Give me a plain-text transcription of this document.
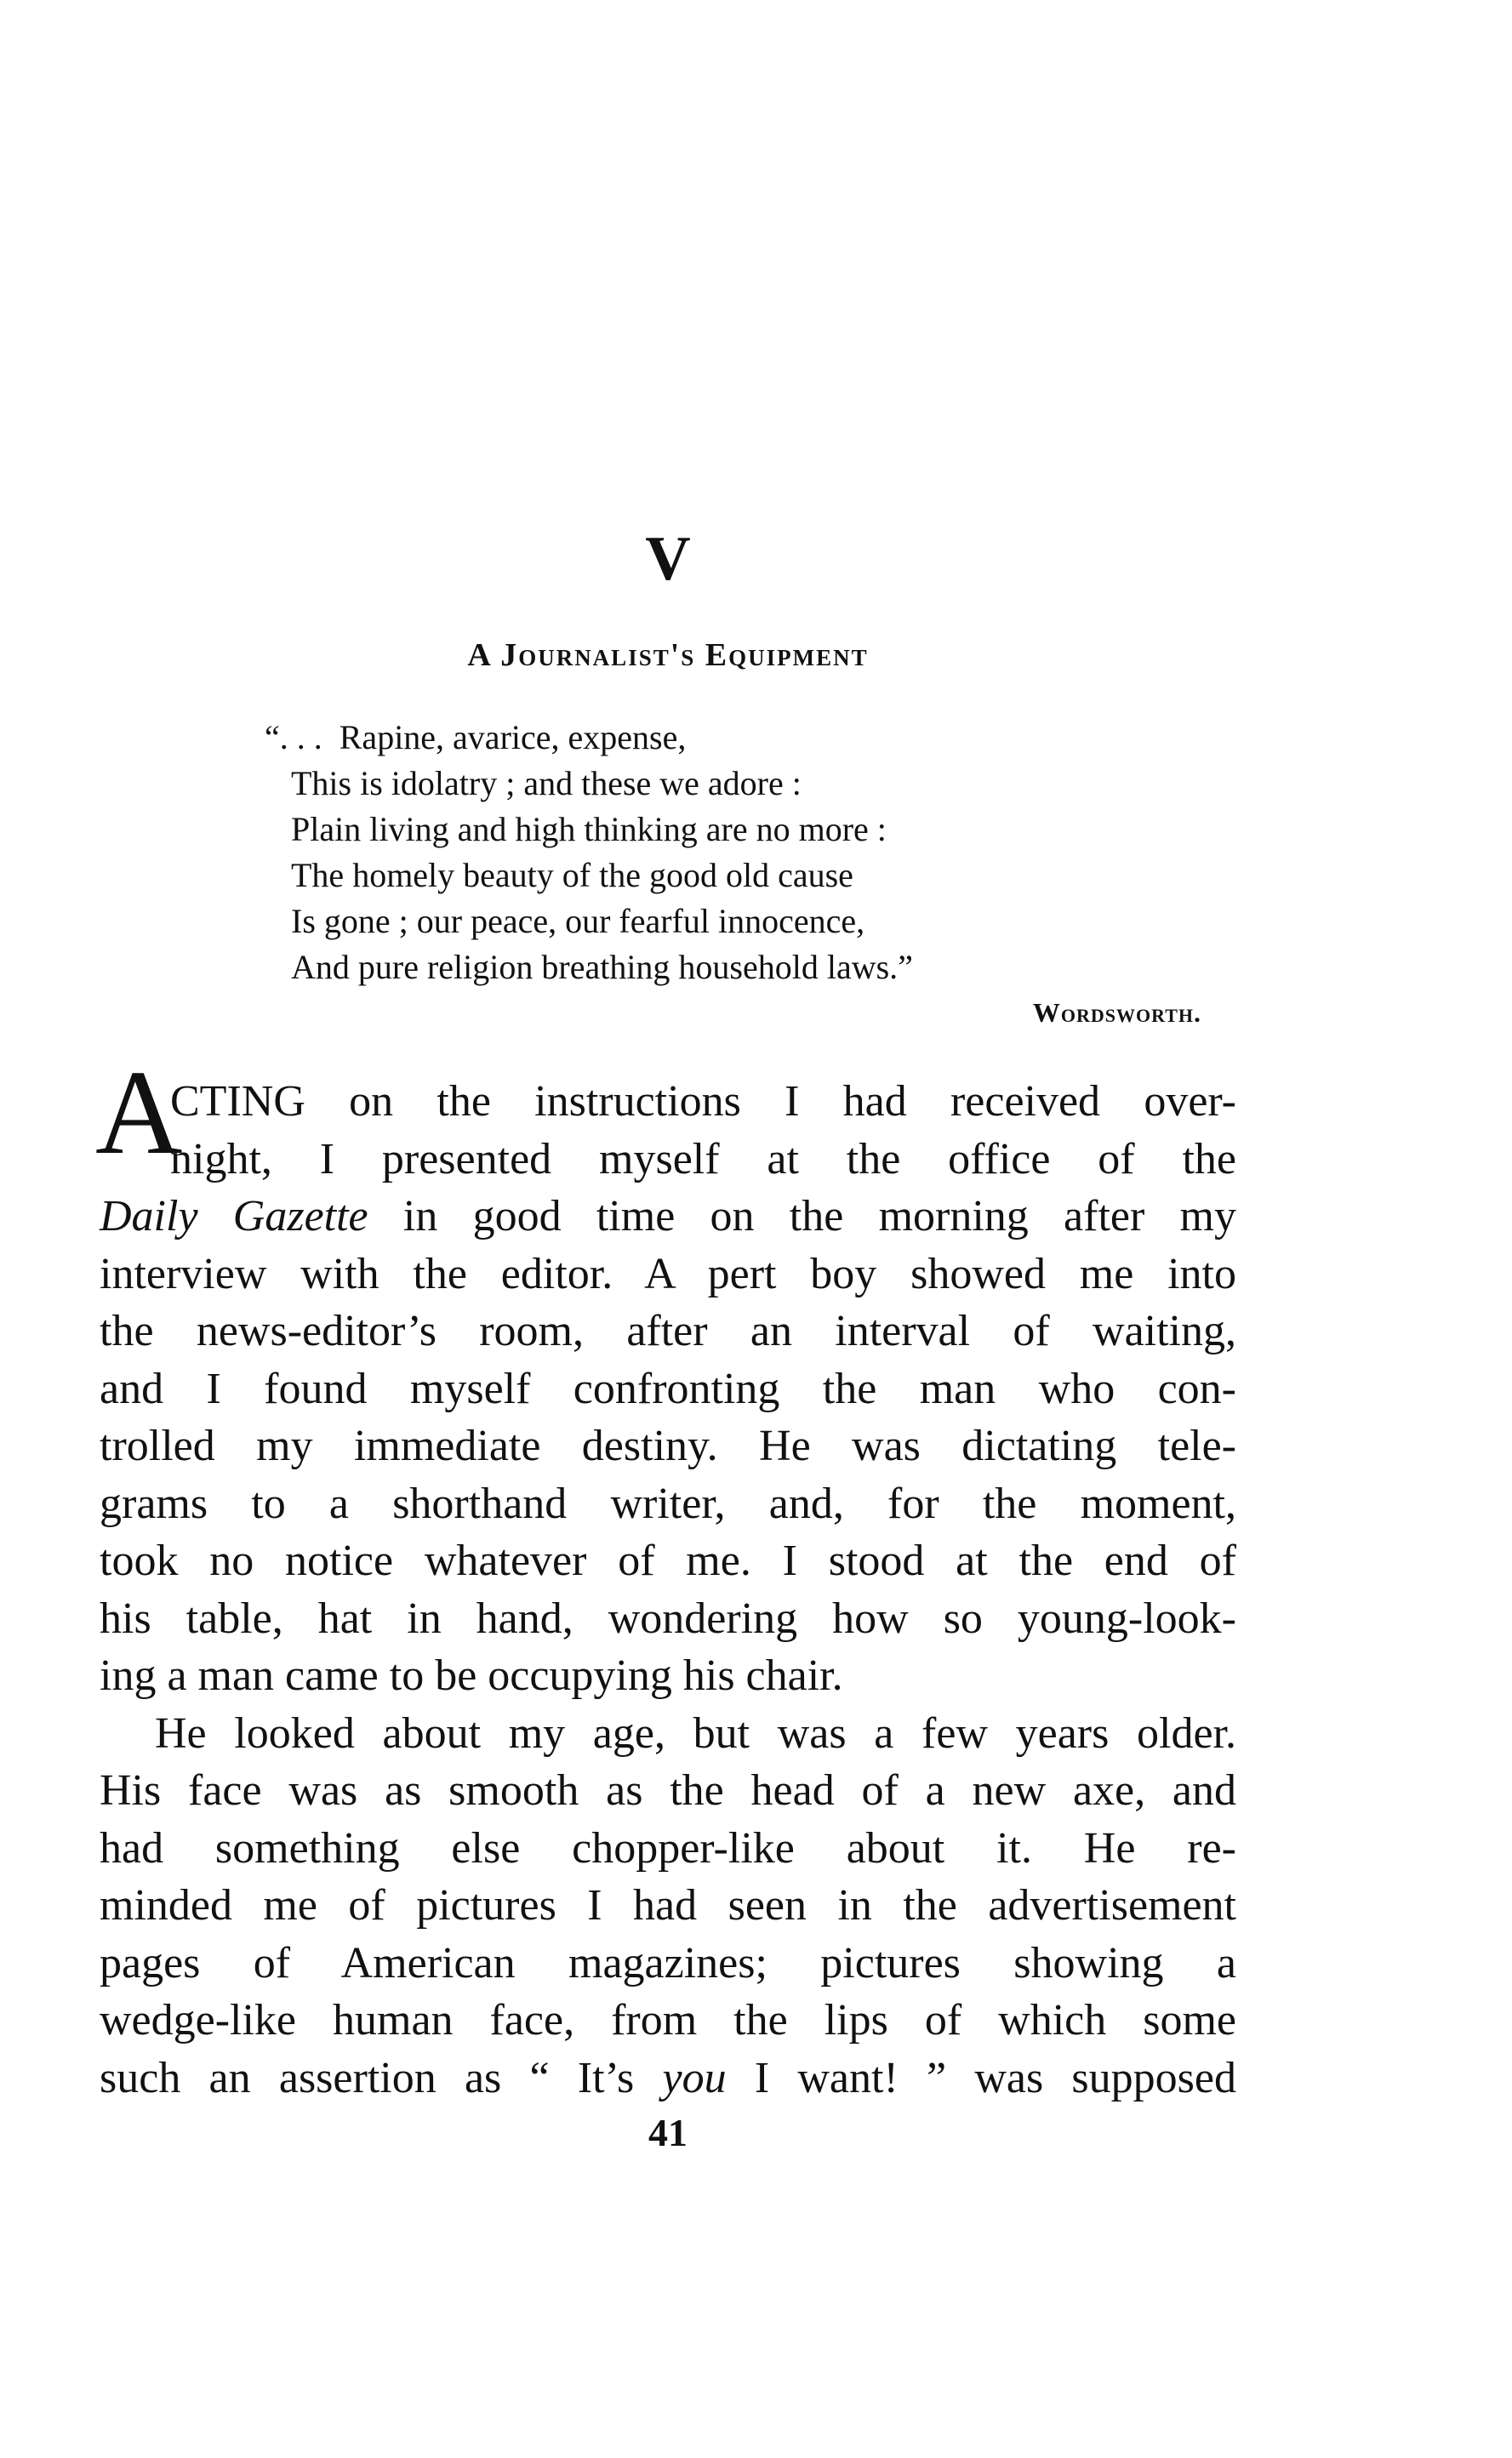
V
A Journalist's Equipment
“. . .  Rapine, avarice, expense,
This is idolatry ; and these we adore :
Plain living and high thinking are no more :
The homely beauty of the good old cause
Is gone ; our peace, our fearful innocence,
And pure religion breathing household laws.”
Wordsworth.
A
CTING on the instructions I had received over-
night, I presented myself at the office of the
Daily Gazette in good time on the morning after my
interview with the editor. A pert boy showed me into
the news-editor’s room, after an interval of waiting,
and I found myself confronting the man who con-
trolled my immediate destiny. He was dictating tele-
grams to a shorthand writer, and, for the moment,
took no notice whatever of me. I stood at the end of
his table, hat in hand, wondering how so young-look-
ing a man came to be occupying his chair.
He looked about my age, but was a few years older.
His face was as smooth as the head of a new axe, and
had something else chopper-like about it. He re-
minded me of pictures I had seen in the advertisement
pages of American magazines; pictures showing a
wedge-like human face, from the lips of which some
such an assertion as “ It’s you I want! ” was supposed
41
